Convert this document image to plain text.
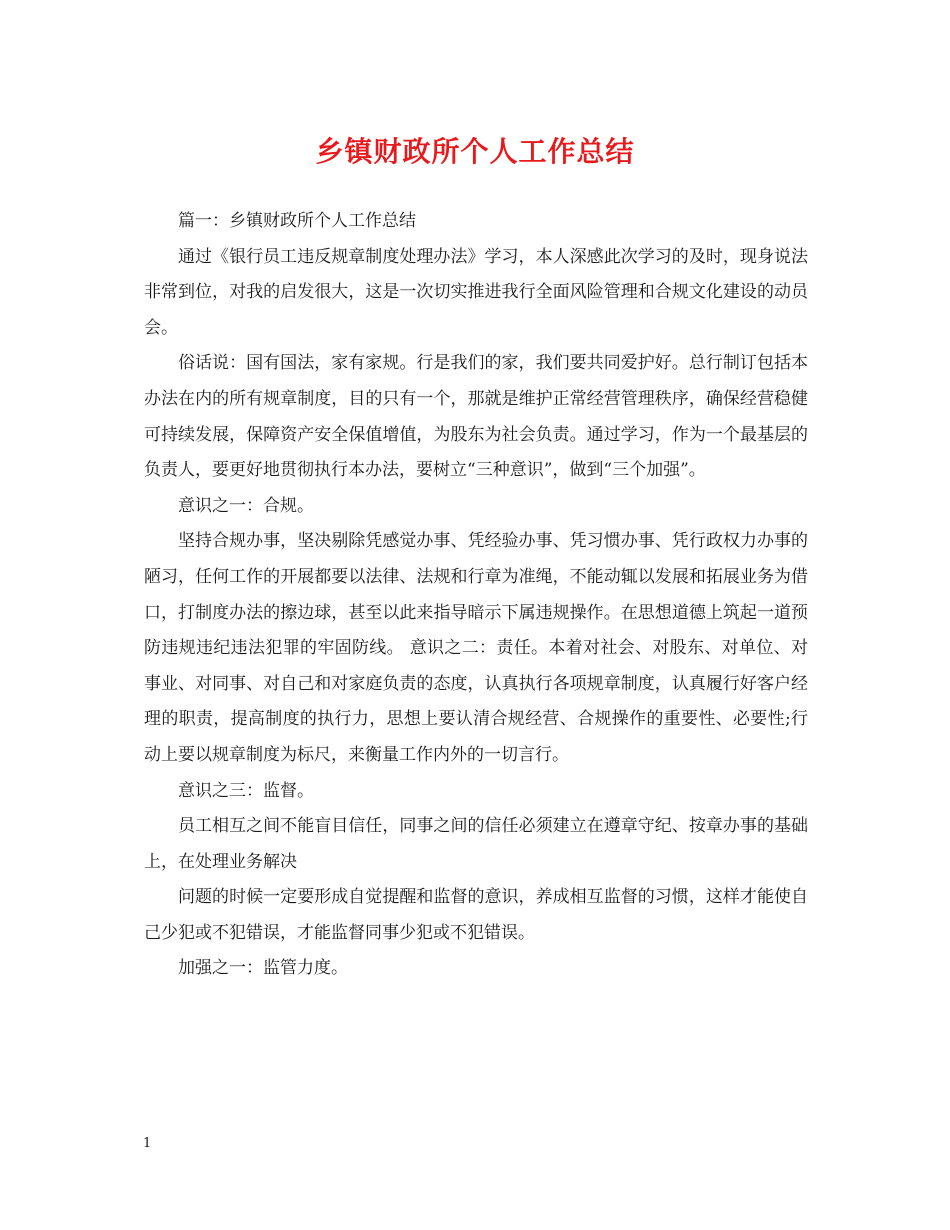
乡镇财政所个人工作总结

篇一：乡镇财政所个人工作总结

通过《银行员工违反规章制度处理办法》学习，本人深感此次学习的及时，现身说法非常到位，对我的启发很大，这是一次切实推进我行全面风险管理和合规文化建设的动员会。

俗话说：国有国法，家有家规。行是我们的家，我们要共同爱护好。总行制订包括本办法在内的所有规章制度，目的只有一个，那就是维护正常经营管理秩序，确保经营稳健可持续发展，保障资产安全保值增值，为股东为社会负责。通过学习，作为一个最基层的负责人，要更好地贯彻执行本办法，要树立“三种意识”，做到“三个加强”。

意识之一：合规。

坚持合规办事，坚决剔除凭感觉办事、凭经验办事、凭习惯办事、凭行政权力办事的陋习，任何工作的开展都要以法律、法规和行章为准绳，不能动辄以发展和拓展业务为借口，打制度办法的擦边球，甚至以此来指导暗示下属违规操作。在思想道德上筑起一道预防违规违纪违法犯罪的牢固防线。 意识之二：责任。本着对社会、对股东、对单位、对事业、对同事、对自己和对家庭负责的态度，认真执行各项规章制度，认真履行好客户经理的职责，提高制度的执行力，思想上要认清合规经营、合规操作的重要性、必要性;行动上要以规章制度为标尺，来衡量工作内外的一切言行。

意识之三：监督。

员工相互之间不能盲目信任，同事之间的信任必须建立在遵章守纪、按章办事的基础上，在处理业务解决

问题的时候一定要形成自觉提醒和监督的意识，养成相互监督的习惯，这样才能使自己少犯或不犯错误，才能监督同事少犯或不犯错误。

加强之一：监管力度。

1
